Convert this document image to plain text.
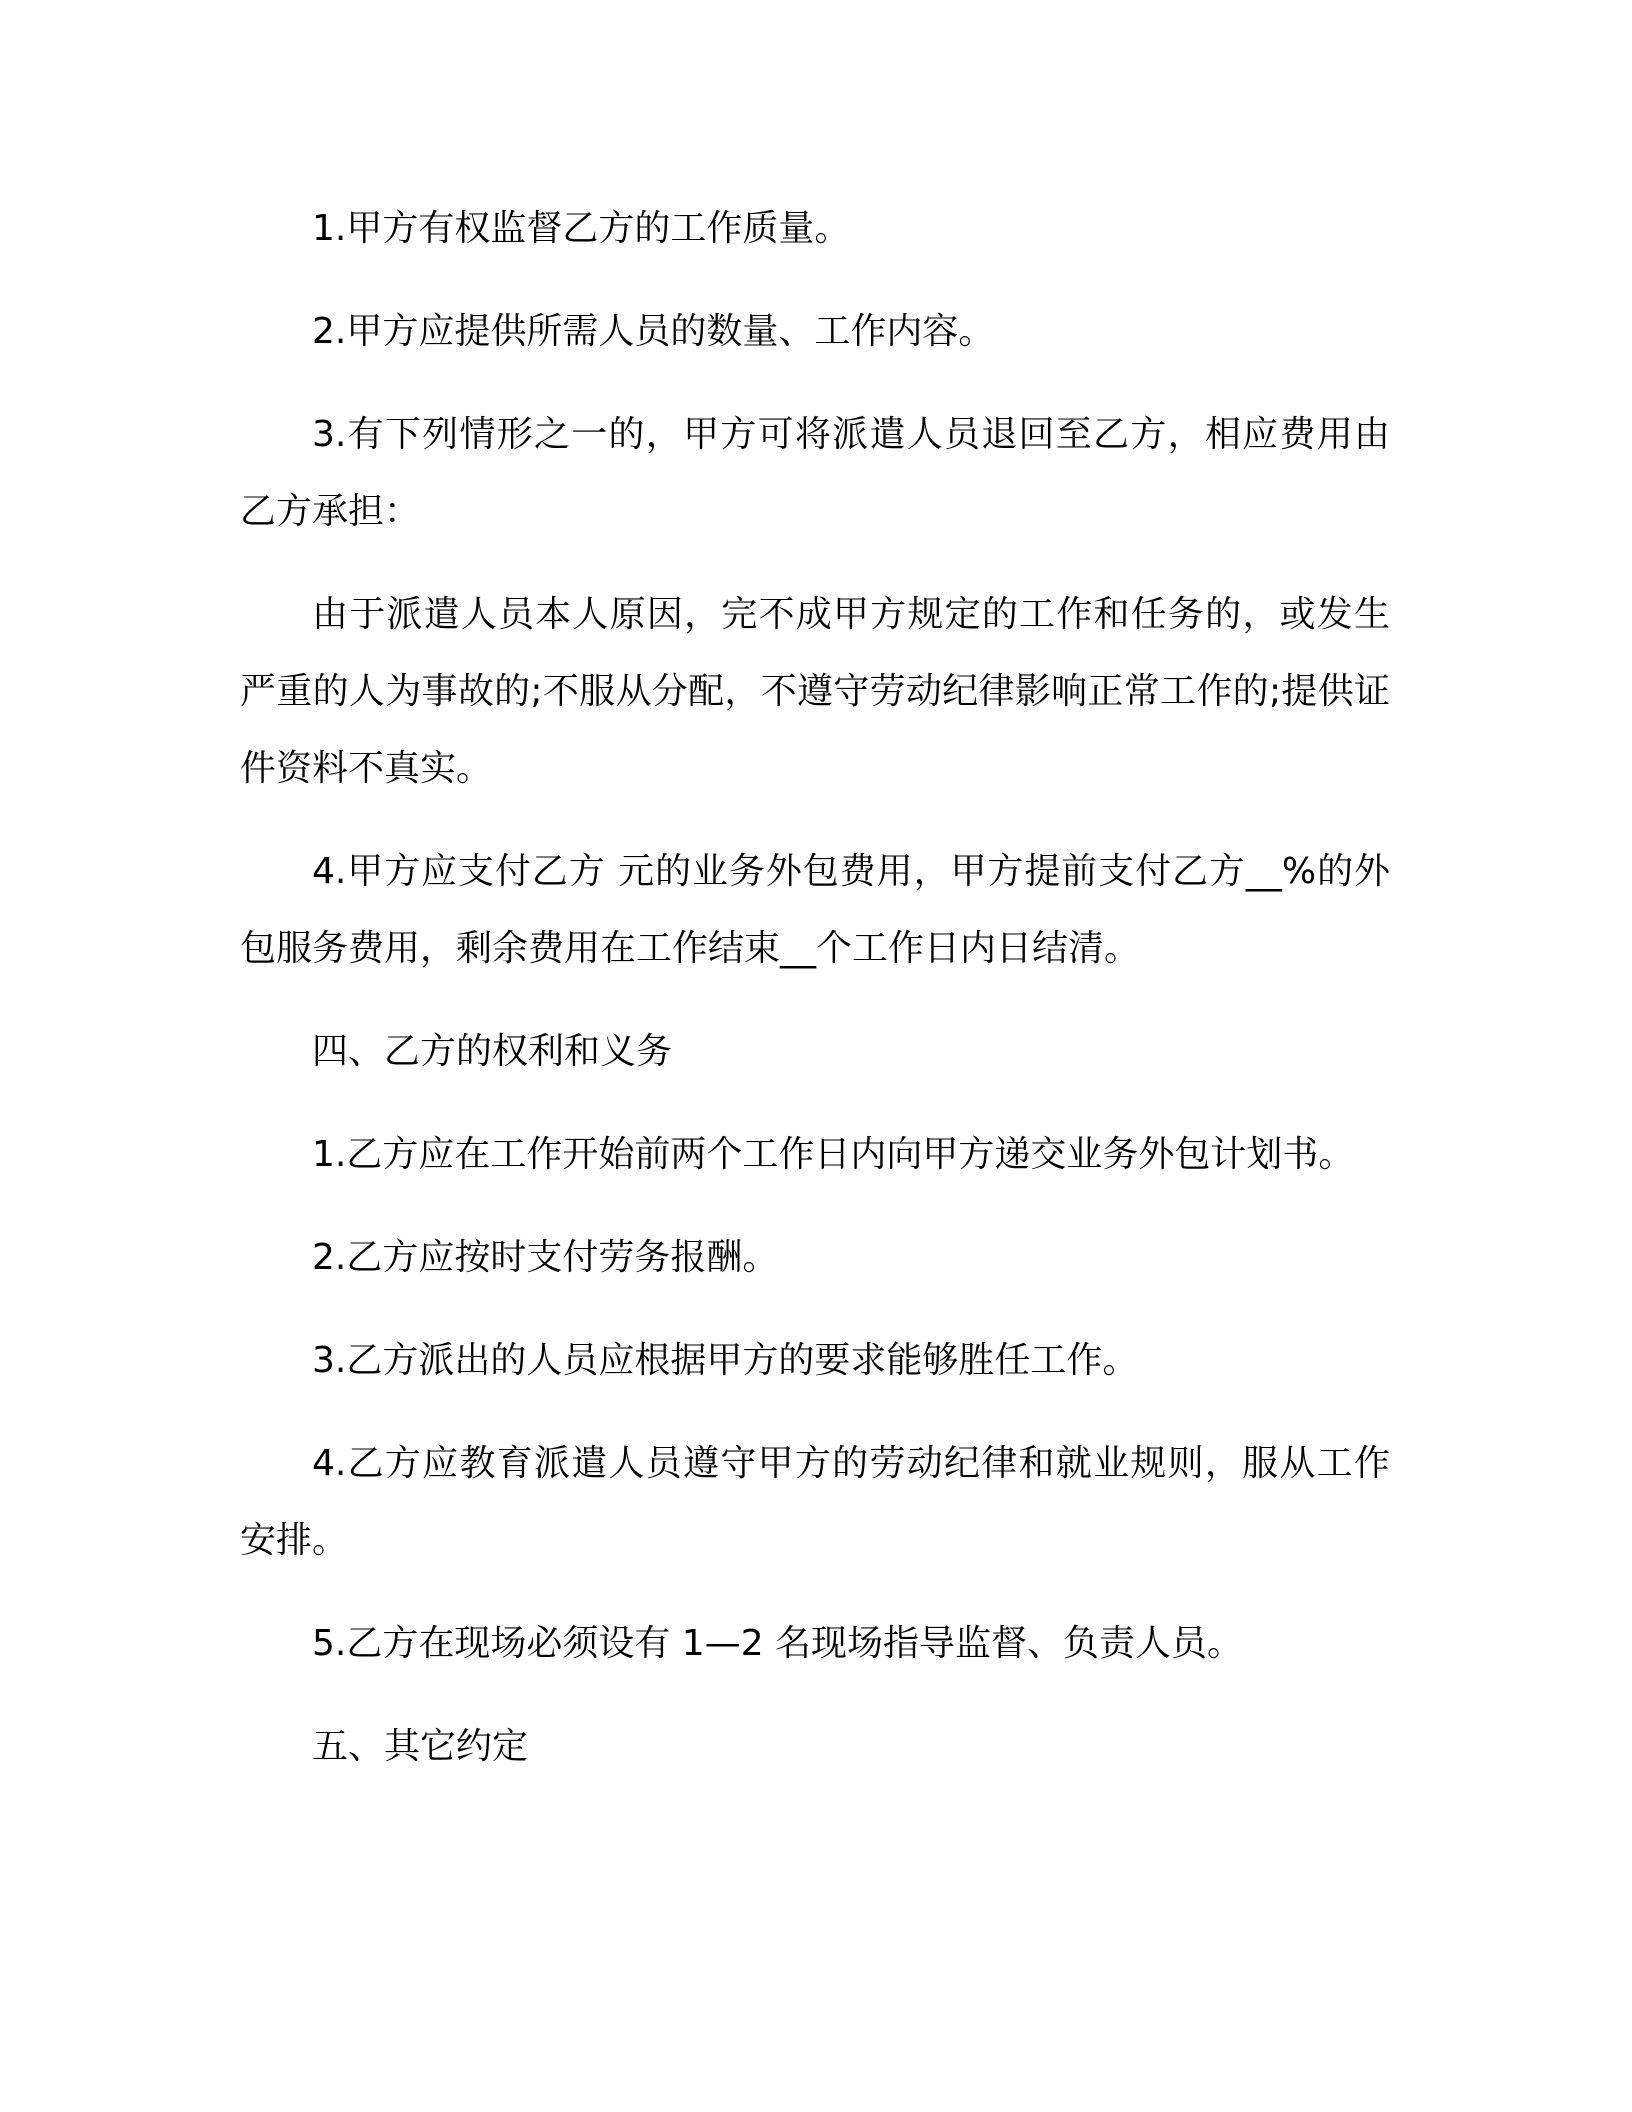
1.甲方有权监督乙方的工作质量。

2.甲方应提供所需人员的数量、工作内容。

3.有下列情形之一的，甲方可将派遣人员退回至乙方，相应费用由乙方承担：

由于派遣人员本人原因，完不成甲方规定的工作和任务的，或发生严重的人为事故的;不服从分配，不遵守劳动纪律影响正常工作的;提供证件资料不真实。

4.甲方应支付乙方 元的业务外包费用，甲方提前支付乙方__%的外包服务费用，剩余费用在工作结束__个工作日内日结清。

四、乙方的权利和义务

1.乙方应在工作开始前两个工作日内向甲方递交业务外包计划书。

2.乙方应按时支付劳务报酬。

3.乙方派出的人员应根据甲方的要求能够胜任工作。

4.乙方应教育派遣人员遵守甲方的劳动纪律和就业规则，服从工作安排。

5.乙方在现场必须设有 1—2 名现场指导监督、负责人员。

五、其它约定
